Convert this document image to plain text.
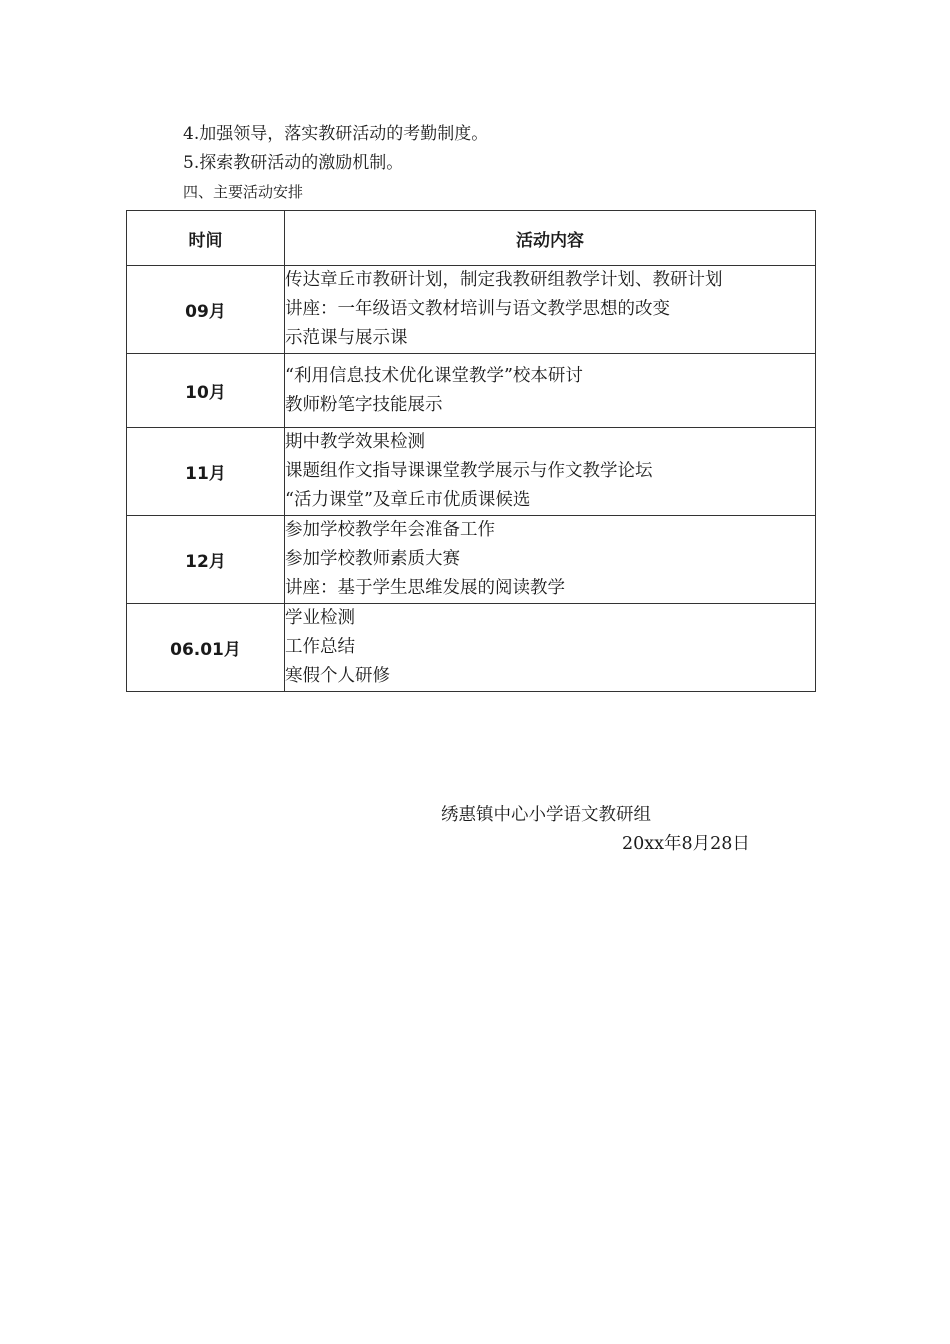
4.加强领导，落实教研活动的考勤制度。
5.探索教研活动的激励机制。
四、主要活动安排
时间	活动内容
09月	传达章丘市教研计划，制定我教研组教学计划、教研计划
讲座：一年级语文教材培训与语文教学思想的改变
示范课与展示课

10月	“利用信息技术优化课堂教学”校本研讨
教师粉笔字技能展示

11月	期中教学效果检测
课题组作文指导课课堂教学展示与作文教学论坛
“活力课堂”及章丘市优质课候选

12月	参加学校教学年会准备工作
参加学校教师素质大赛
讲座：基于学生思维发展的阅读教学

06.01月	学业检测
工作总结
寒假个人研修
绣惠镇中心小学语文教研组
20xx年8月28日
